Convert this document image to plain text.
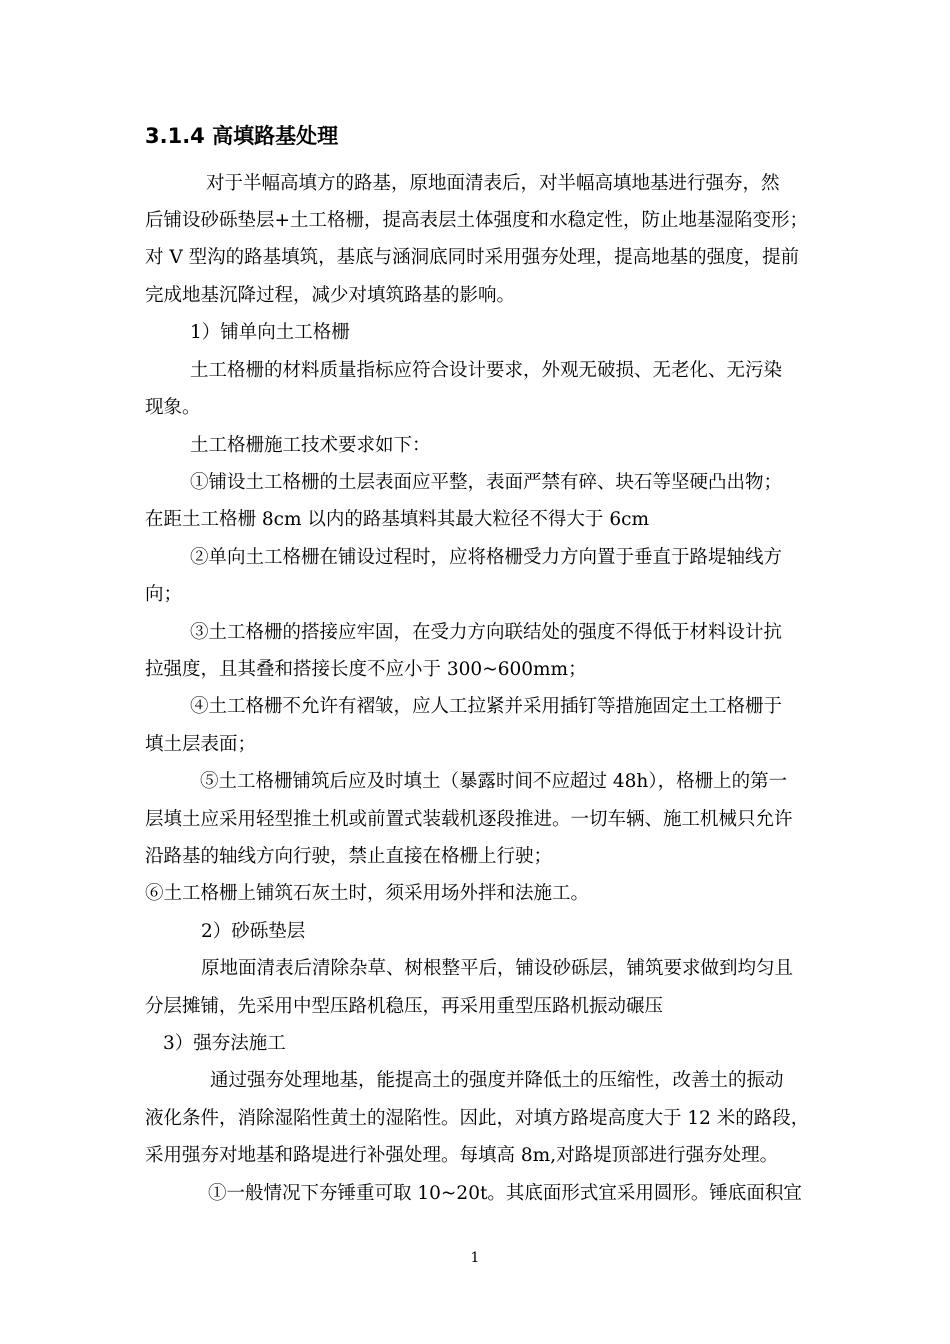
3.1.4 高填路基处理
对于半幅高填方的路基，原地面清表后，对半幅高填地基进行强夯，然
后铺设砂砾垫层+土工格栅，提高表层土体强度和水稳定性，防止地基湿陷变形；
对 V 型沟的路基填筑，基底与涵洞底同时采用强夯处理，提高地基的强度，提前
完成地基沉降过程，减少对填筑路基的影响。
1）铺单向土工格栅
土工格栅的材料质量指标应符合设计要求，外观无破损、无老化、无污染
现象。
土工格栅施工技术要求如下：
①铺设土工格栅的土层表面应平整，表面严禁有碎、块石等坚硬凸出物；
在距土工格栅 8cm 以内的路基填料其最大粒径不得大于 6cm
②单向土工格栅在铺设过程时，应将格栅受力方向置于垂直于路堤轴线方
向；
③土工格栅的搭接应牢固，在受力方向联结处的强度不得低于材料设计抗
拉强度，且其叠和搭接长度不应小于 300~600mm；
④土工格栅不允许有褶皱，应人工拉紧并采用插钉等措施固定土工格栅于
填土层表面；
⑤土工格栅铺筑后应及时填土（暴露时间不应超过 48h），格栅上的第一
层填土应采用轻型推土机或前置式装载机逐段推进。一切车辆、施工机械只允许
沿路基的轴线方向行驶，禁止直接在格栅上行驶；
⑥土工格栅上铺筑石灰土时，须采用场外拌和法施工。
2）砂砾垫层
原地面清表后清除杂草、树根整平后，铺设砂砾层，铺筑要求做到均匀且
分层摊铺，先采用中型压路机稳压，再采用重型压路机振动碾压
3）强夯法施工
通过强夯处理地基，能提高土的强度并降低土的压缩性，改善土的振动
液化条件，消除湿陷性黄土的湿陷性。因此，对填方路堤高度大于 12 米的路段，
采用强夯对地基和路堤进行补强处理。每填高 8m,对路堤顶部进行强夯处理。
①一般情况下夯锤重可取 10~20t。其底面形式宜采用圆形。锤底面积宜
1
